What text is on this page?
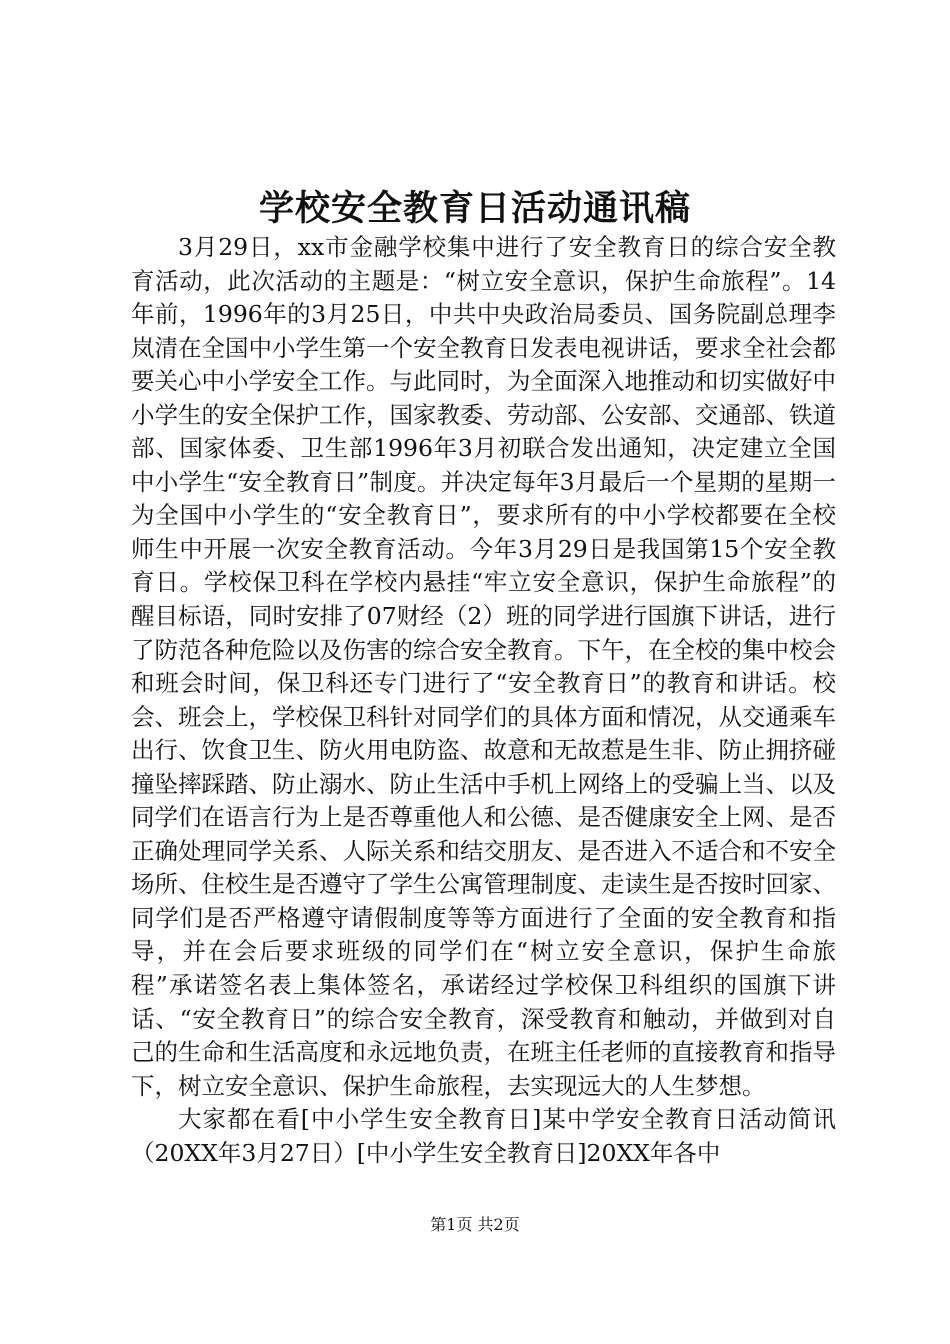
学校安全教育日活动通讯稿

3月29日，xx市金融学校集中进行了安全教育日的综合安全教育活动，此次活动的主题是：“树立安全意识，保护生命旅程”。14年前，1996年的3月25日，中共中央政治局委员、国务院副总理李岚清在全国中小学生第一个安全教育日发表电视讲话，要求全社会都要关心中小学安全工作。与此同时，为全面深入地推动和切实做好中小学生的安全保护工作，国家教委、劳动部、公安部、交通部、铁道部、国家体委、卫生部1996年3月初联合发出通知，决定建立全国中小学生“安全教育日”制度。并决定每年3月最后一个星期的星期一为全国中小学生的“安全教育日”，要求所有的中小学校都要在全校师生中开展一次安全教育活动。今年3月29日是我国第15个安全教育日。学校保卫科在学校内悬挂“牢立安全意识，保护生命旅程”的醒目标语，同时安排了07财经（2）班的同学进行国旗下讲话，进行了防范各种危险以及伤害的综合安全教育。下午，在全校的集中校会和班会时间，保卫科还专门进行了“安全教育日”的教育和讲话。校会、班会上，学校保卫科针对同学们的具体方面和情况，从交通乘车出行、饮食卫生、防火用电防盗、故意和无故惹是生非、防止拥挤碰撞坠摔踩踏、防止溺水、防止生活中手机上网络上的受骗上当、以及同学们在语言行为上是否尊重他人和公德、是否健康安全上网、是否正确处理同学关系、人际关系和结交朋友、是否进入不适合和不安全场所、住校生是否遵守了学生公寓管理制度、走读生是否按时回家、同学们是否严格遵守请假制度等等方面进行了全面的安全教育和指导，并在会后要求班级的同学们在“树立安全意识，保护生命旅程”承诺签名表上集体签名，承诺经过学校保卫科组织的国旗下讲话、“安全教育日”的综合安全教育，深受教育和触动，并做到对自己的生命和生活高度和永远地负责，在班主任老师的直接教育和指导下，树立安全意识、保护生命旅程，去实现远大的人生梦想。

大家都在看[中小学生安全教育日]某中学安全教育日活动简讯（20XX年3月27日）[中小学生安全教育日]20XX年各中

第1页 共2页
